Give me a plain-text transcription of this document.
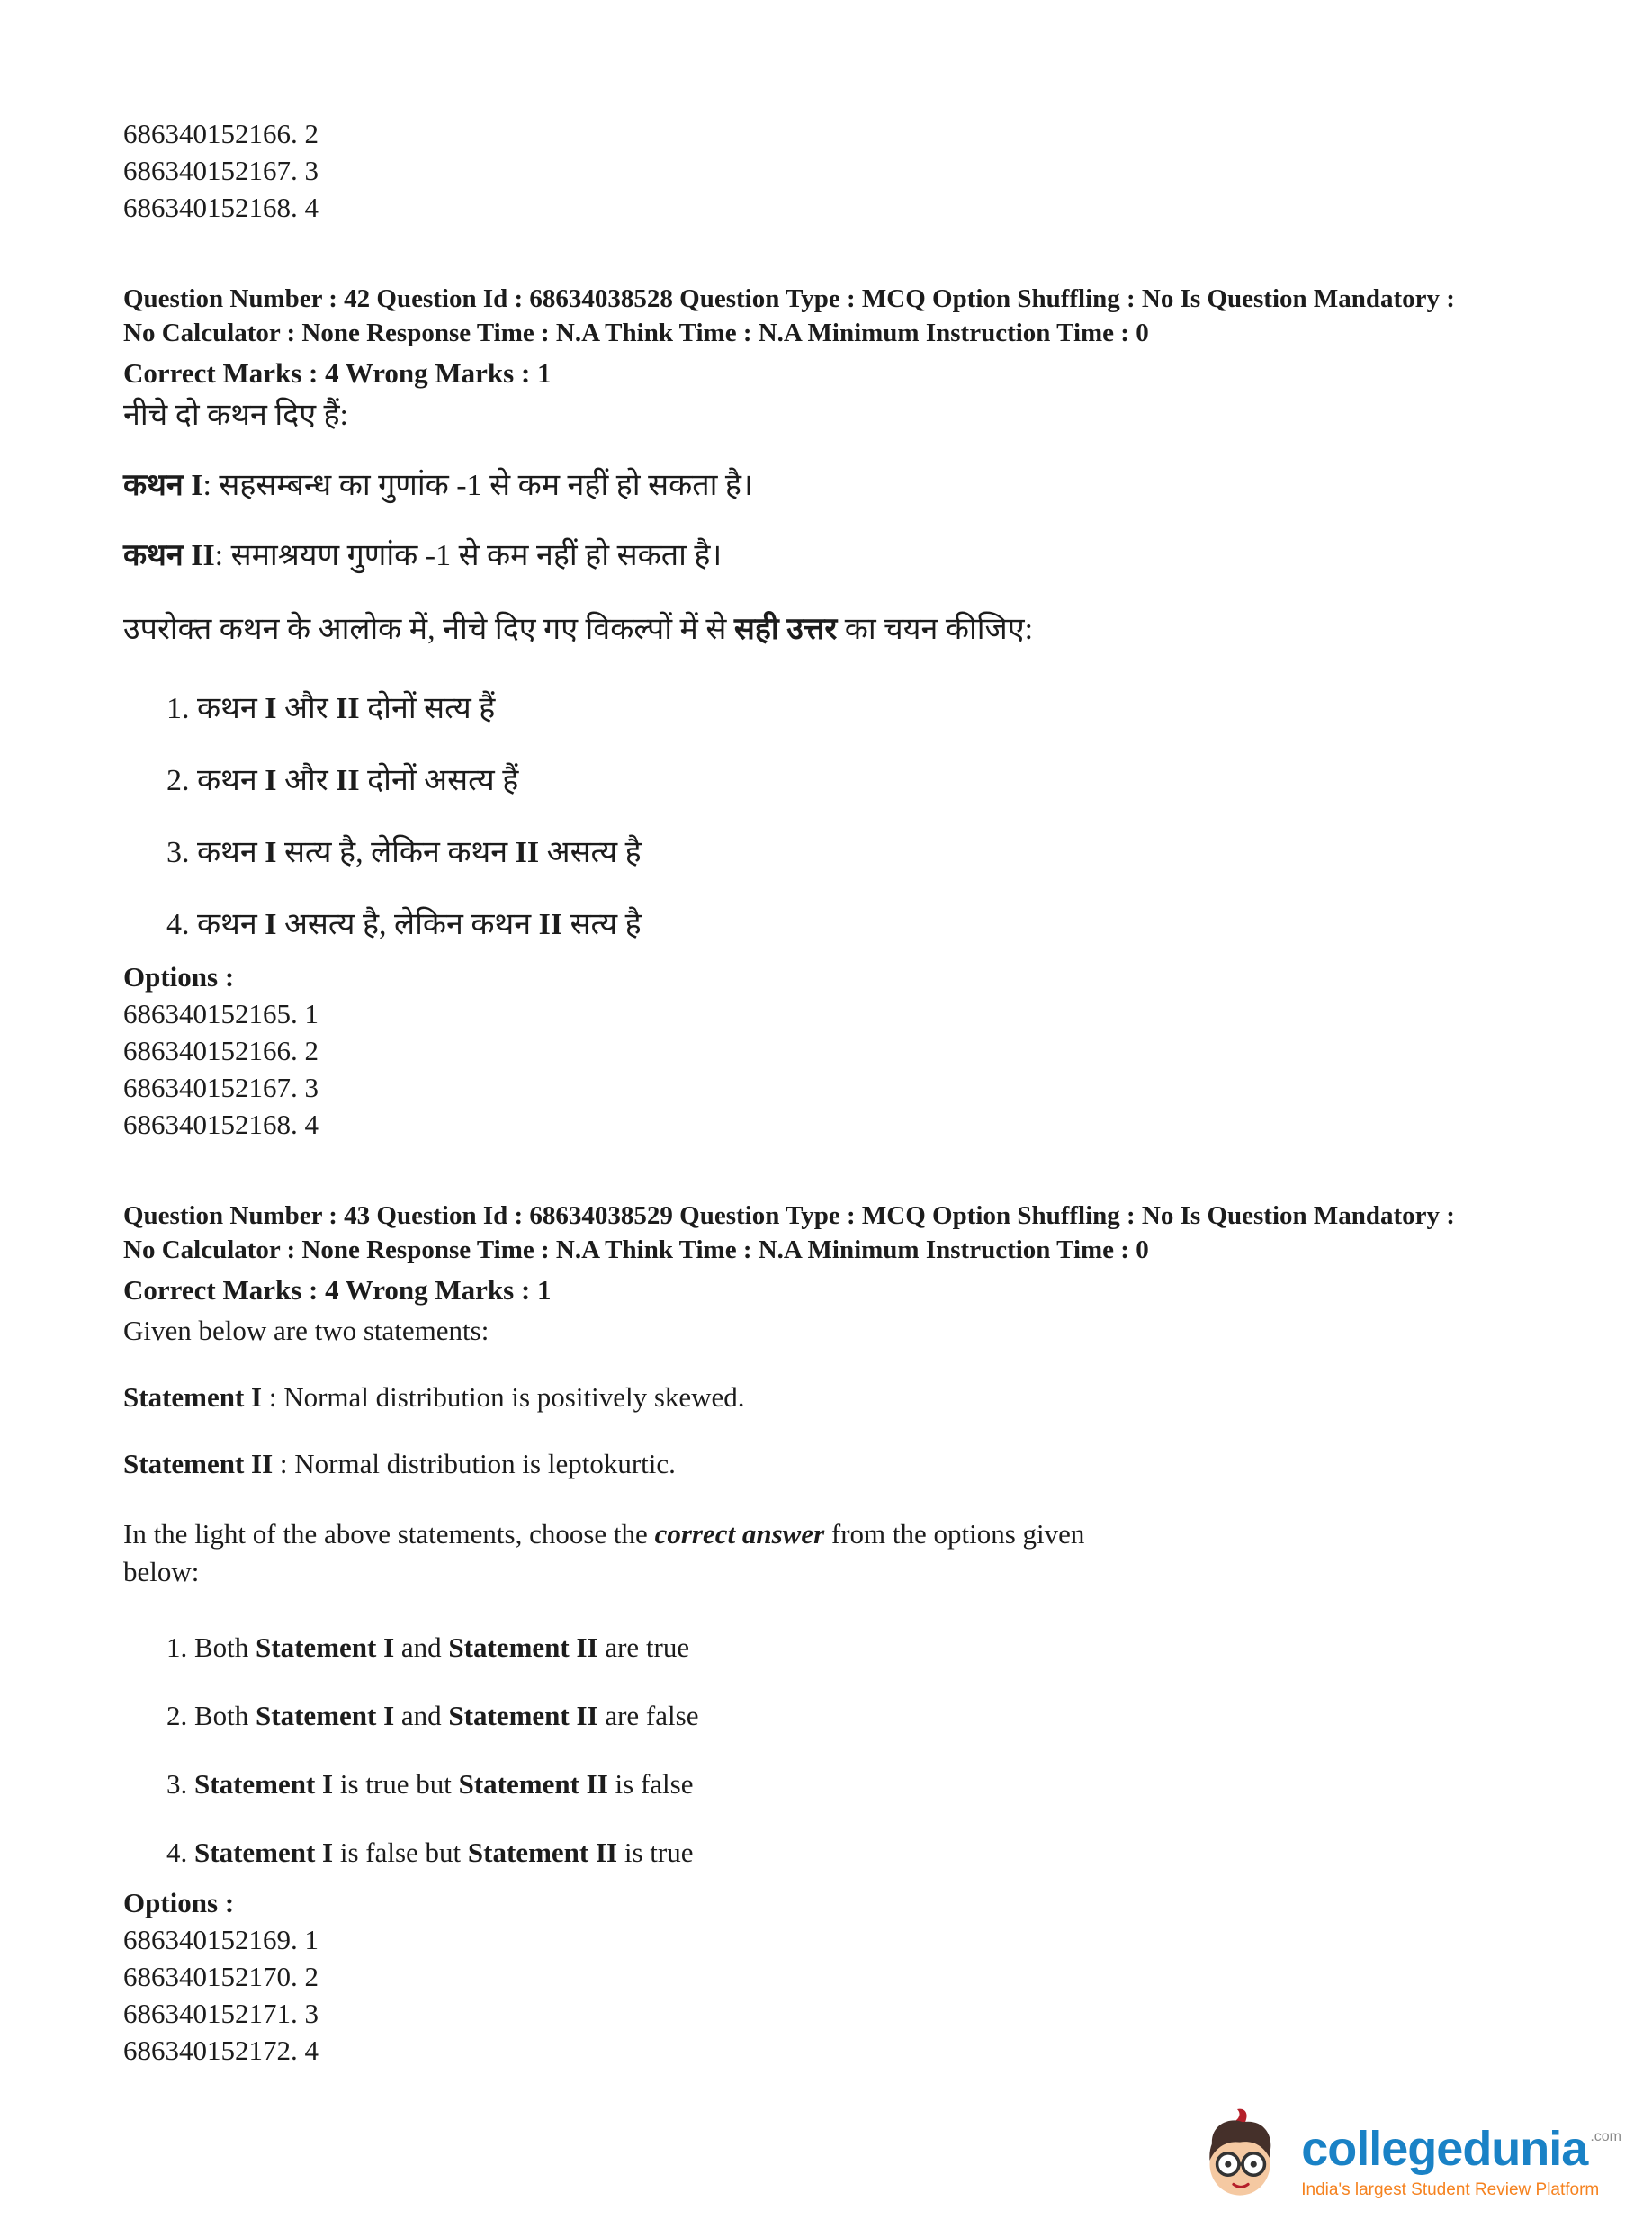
686340152166. 2

686340152167. 3

686340152168. 4

Question Number : 42 Question Id : 68634038528 Question Type : MCQ Option Shuffling : No Is Question Mandatory :

No Calculator : None Response Time : N.A Think Time : N.A Minimum Instruction Time : 0

Correct Marks : 4 Wrong Marks : 1

नीचे दो कथन दिए हैं:

कथन I: सहसम्बन्ध का गुणांक -1 से कम नहीं हो सकता है।

कथन II: समाश्रयण गुणांक -1 से कम नहीं हो सकता है।

उपरोक्त कथन के आलोक में, नीचे दिए गए विकल्पों में से सही उत्तर का चयन कीजिए:

1. कथन I और II दोनों सत्य हैं

2. कथन I और II दोनों असत्य हैं

3. कथन I सत्य है, लेकिन कथन II असत्य है

4. कथन I असत्य है, लेकिन कथन II सत्य है

Options :

686340152165. 1

686340152166. 2

686340152167. 3

686340152168. 4

Question Number : 43 Question Id : 68634038529 Question Type : MCQ Option Shuffling : No Is Question Mandatory :

No Calculator : None Response Time : N.A Think Time : N.A Minimum Instruction Time : 0

Correct Marks : 4 Wrong Marks : 1

Given below are two statements:

Statement I : Normal distribution is positively skewed.

Statement II : Normal distribution is leptokurtic.

In the light of the above statements, choose the correct answer from the options given below:

1. Both Statement I and Statement II are true

2. Both Statement I and Statement II are false

3. Statement I is true but Statement II is false

4. Statement I is false but Statement II is true

Options :

686340152169. 1

686340152170. 2

686340152171. 3

686340152172. 4

collegedunia .com
India's largest Student Review Platform
